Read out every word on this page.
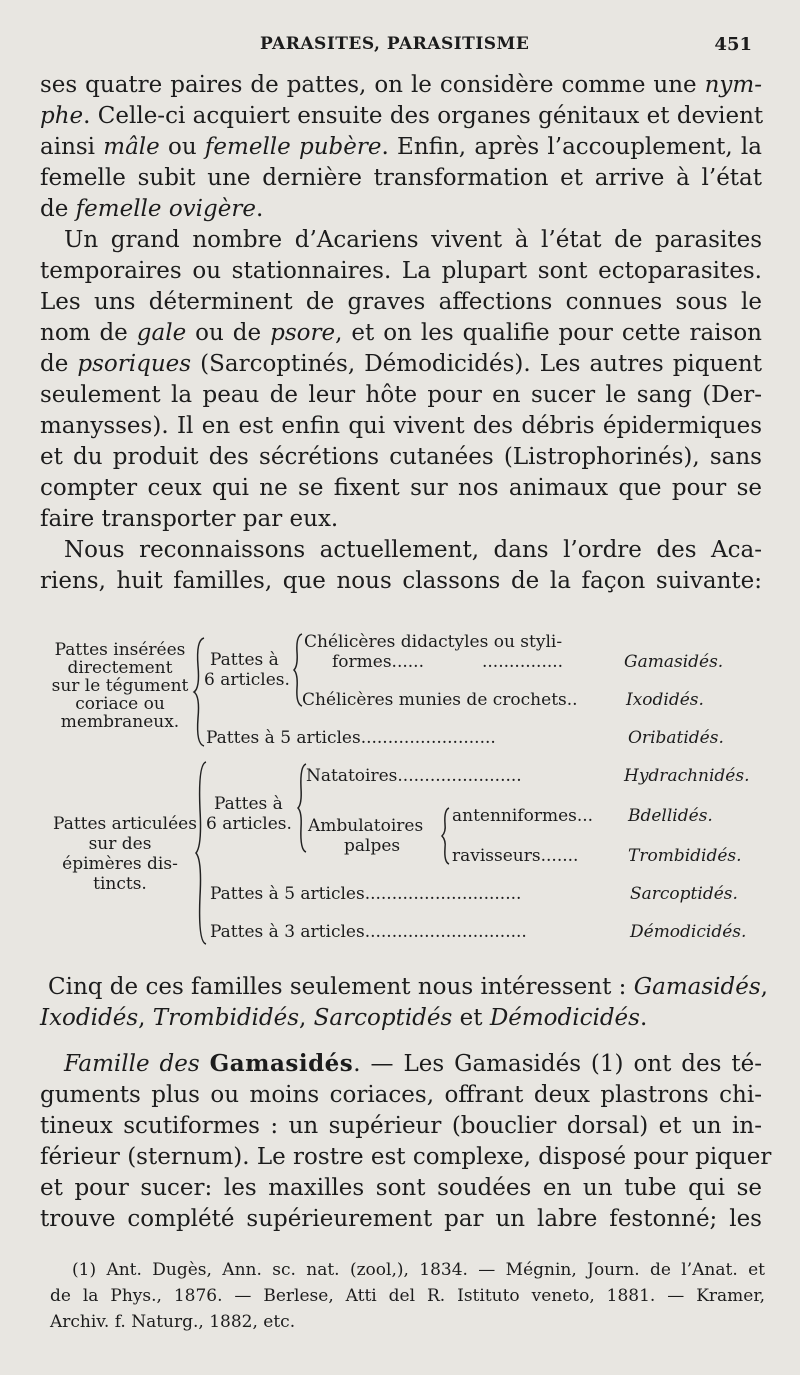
PARASITES, PARASITISME	451
ses quatre paires de pattes, on le considère comme une nym-
phe. Celle-ci acquiert ensuite des organes génitaux et devient
ainsi mâle ou femelle pubère. Enfin, après l’accouplement, la
femelle subit une dernière transformation et arrive à l’état
de femelle ovigère.
Un grand nombre d’Acariens vivent à l’état de parasites
temporaires ou stationnaires. La plupart sont ectoparasites.
Les uns déterminent de graves affections connues sous le
nom de gale ou de psore, et on les qualifie pour cette raison
de psoriques (Sarcoptinés, Démodicidés). Les autres piquent
seulement la peau de leur hôte pour en sucer le sang (Der-
manysses). Il en est enfin qui vivent des débris épidermiques
et du produit des sécrétions cutanées (Listrophorinés), sans
compter ceux qui ne se fixent sur nos animaux que pour se
faire transporter par eux.
Nous reconnaissons actuellement, dans l’ordre des Aca-
riens, huit familles, que nous classons de la façon suivante:
Pattes insérées
directement
sur le tégument
coriace ou
membraneux.
Pattes à
6 articles.
Chélicères didactyles ou styli-
formes......	...............	Gamasidés.
Chélicères munies de crochets..	Ixodidés.
Pattes à 5 articles.........................	Oribatidés.
Pattes articulées
sur des
épimères dis-
tincts.
Pattes à
6 articles.
Natatoires.......................	Hydrachnidés.
Ambulatoires
palpes
antenniformes... Bdellidés.
ravisseurs.......	Trombididés.
Pattes à 5 articles.............................	Sarcoptidés.
Pattes à 3 articles..............................	Démodicidés.
Cinq de ces familles seulement nous intéressent : Gamasidés,
Ixodidés, Trombididés, Sarcoptidés et Démodicidés.
Famille des Gamasidés. — Les Gamasidés (1) ont des té-
guments plus ou moins coriaces, offrant deux plastrons chi-
tineux scutiformes : un supérieur (bouclier dorsal) et un in-
férieur (sternum). Le rostre est complexe, disposé pour piquer
et pour sucer: les maxilles sont soudées en un tube qui se
trouve complété supérieurement par un labre festonné; les
(1) Ant. Dugès, Ann. sc. nat. (zool,), 1834. — Mégnin, Journ. de l’Anat. et
de la Phys., 1876. — Berlese, Atti del R. Istituto veneto, 1881. — Kramer,
Archiv. f. Naturg., 1882, etc.
